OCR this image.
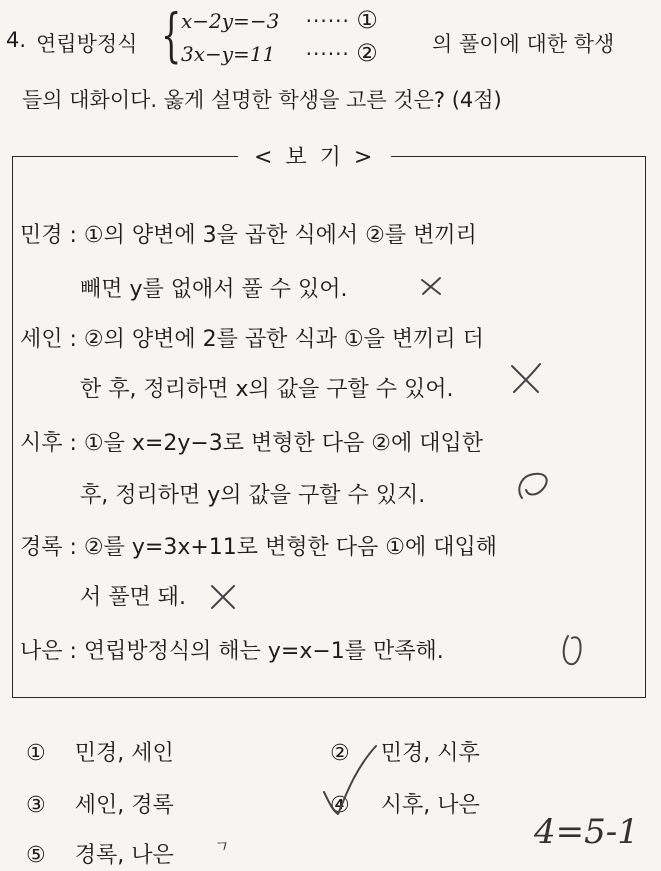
4. 연립방정식 { x−2y=−3 ······ ①
3x−y=11 ······ ②	의 풀이에 대한 학생
들의 대화이다. 옳게 설명한 학생을 고른 것은? (4점)
< 보 기 >
민경 : ①의 양변에 3을 곱한 식에서 ②를 변끼리
빼면 y를 없애서 풀 수 있어.
세인 : ②의 양변에 2를 곱한 식과 ①을 변끼리 더
한 후, 정리하면 x의 값을 구할 수 있어.
시후 : ①을 x=2y−3로 변형한 다음 ②에 대입한
후, 정리하면 y의 값을 구할 수 있지.
경록 : ②를 y=3x+11로 변형한 다음 ①에 대입해
서 풀면 돼.
나은 : 연립방정식의 해는 y=x−1를 만족해.
① 민경, 세인	② 민경, 시후
③ 세인, 경록	④ 시후, 나은
⑤ 경록, 나은
4=5-1
ㄱ
